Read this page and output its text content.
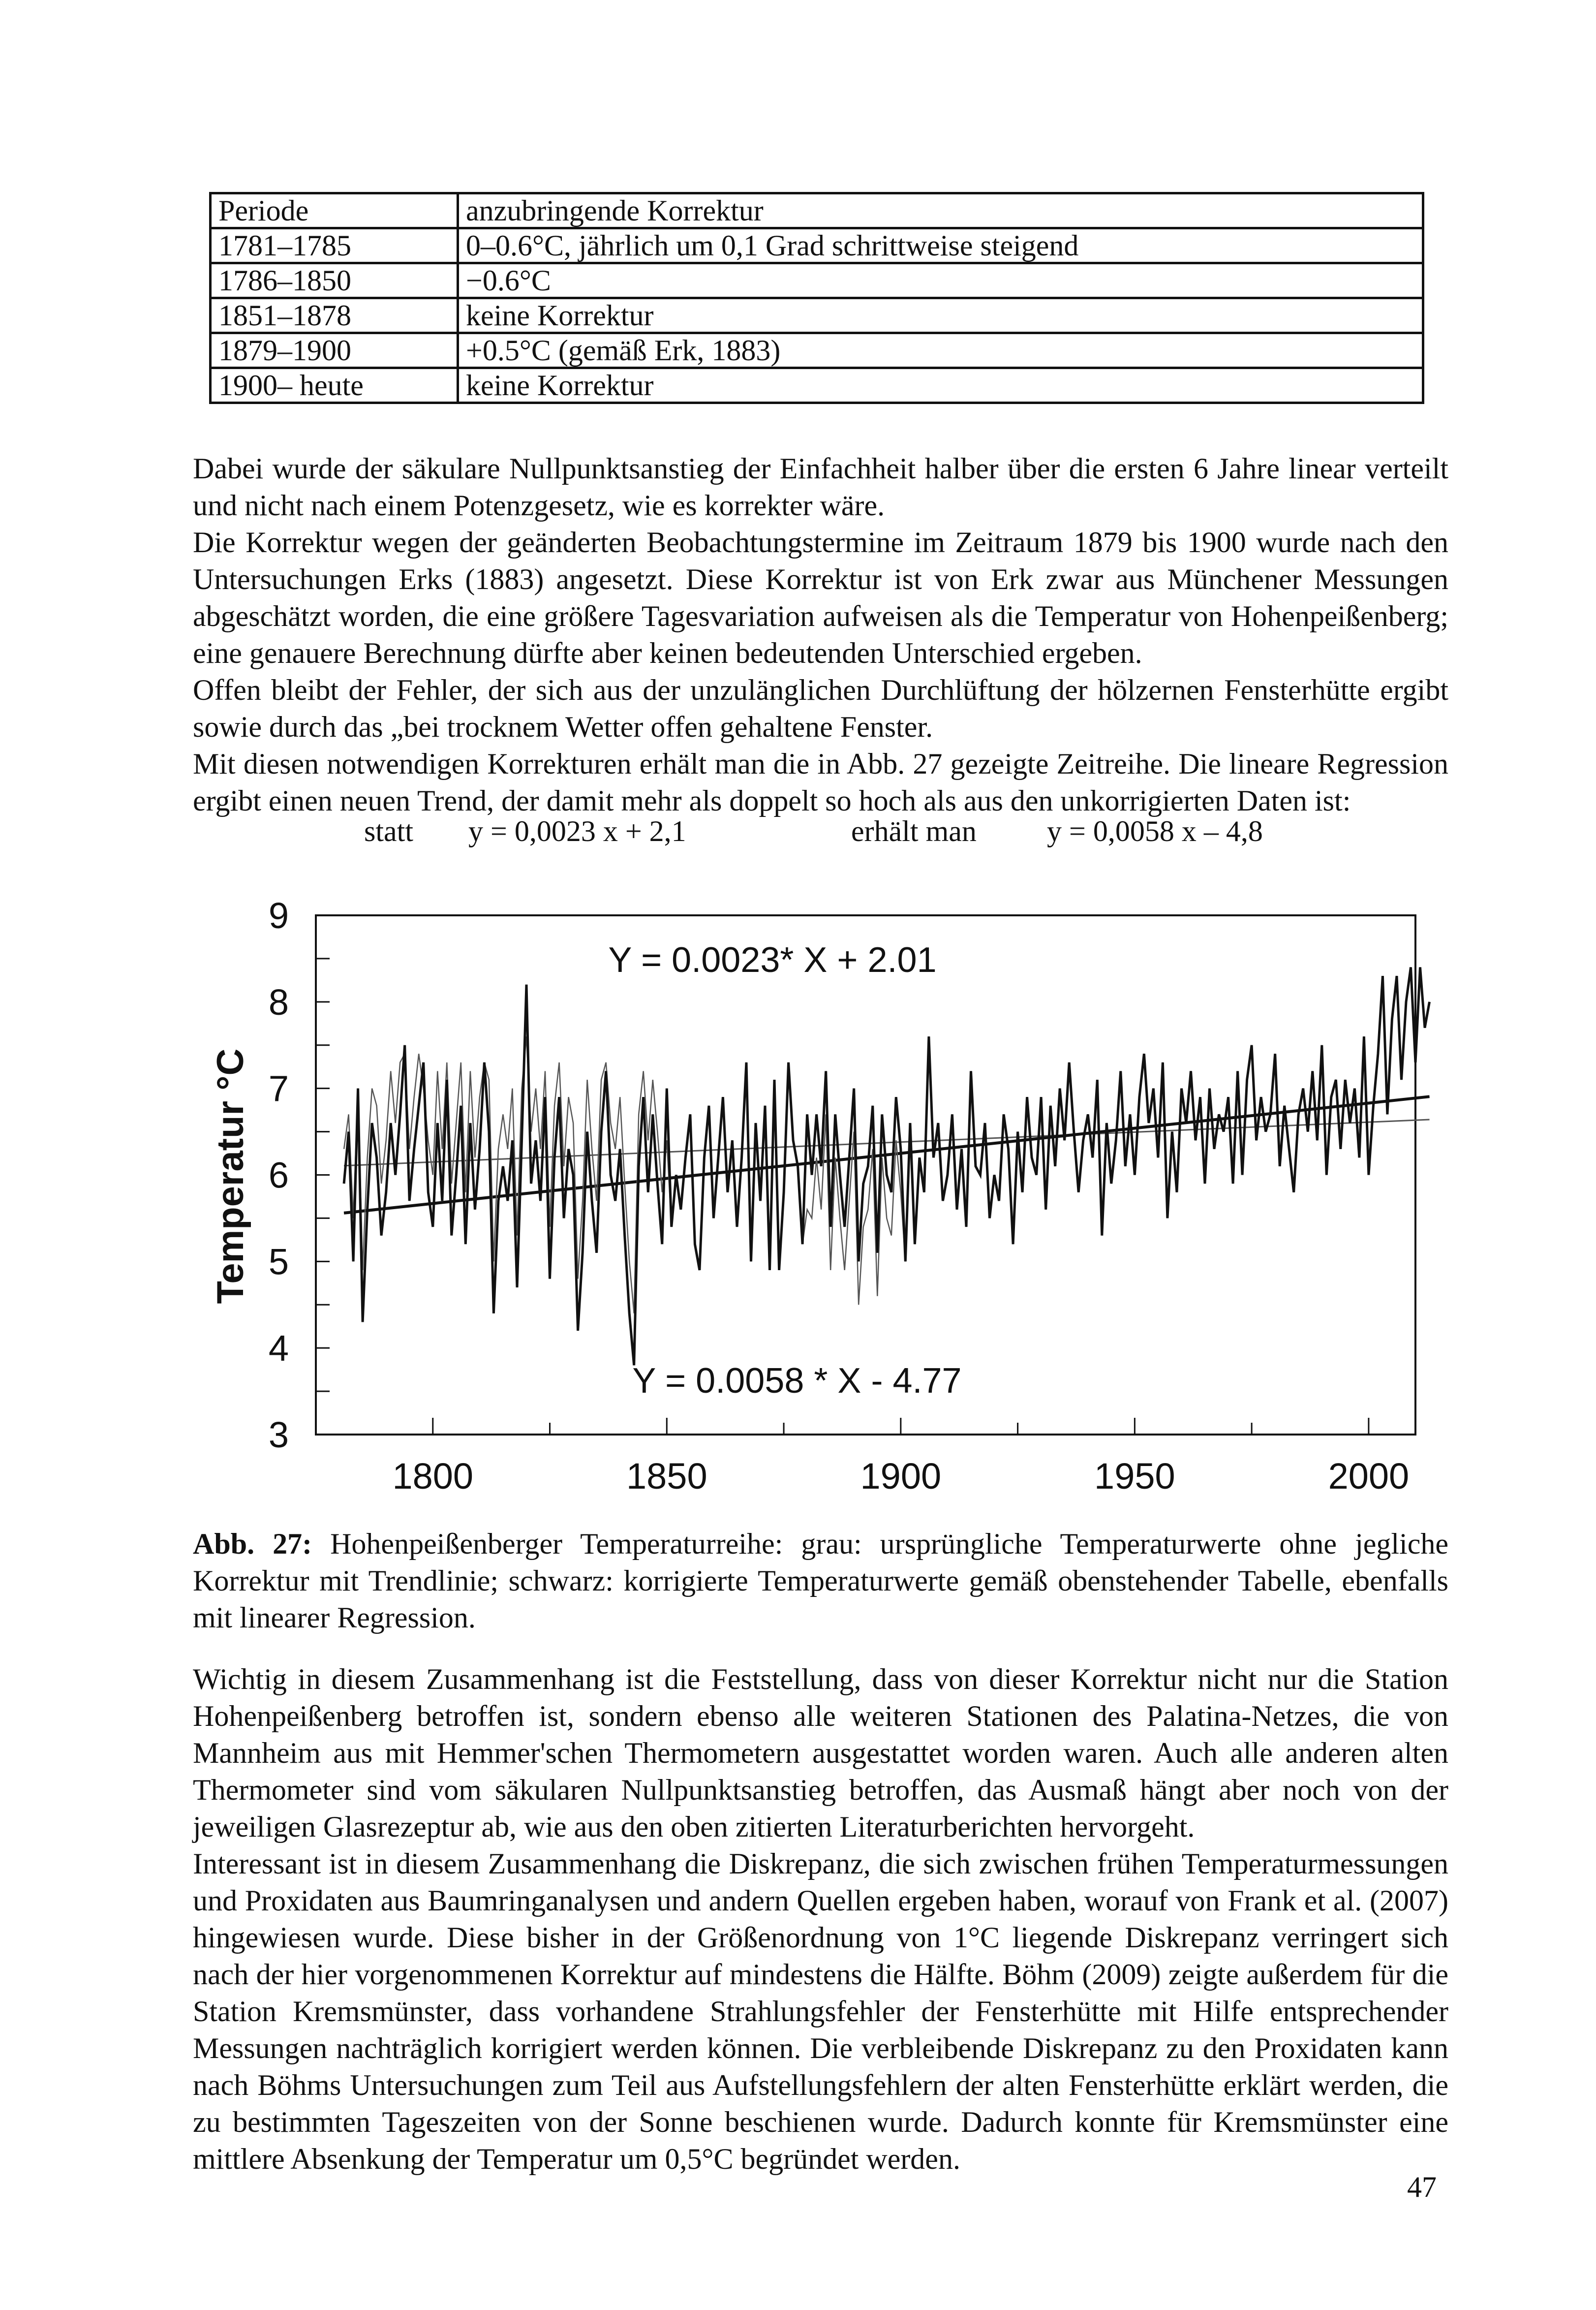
Periode	anzubringende Korrektur
1781–1785	0–0.6°C, jährlich um 0,1 Grad schrittweise steigend
1786–1850	−0.6°C
1851–1878	keine Korrektur
1879–1900	+0.5°C (gemäß Erk, 1883)
1900– heute	keine Korrektur

Dabei wurde der säkulare Nullpunktsanstieg der Einfachheit halber über die ersten 6 Jahre linear verteilt und nicht nach einem Potenzgesetz, wie es korrekter wäre.

Die Korrektur wegen der geänderten Beobachtungstermine im Zeitraum 1879 bis 1900 wurde nach den Untersuchungen Erks (1883) angesetzt. Diese Korrektur ist von Erk zwar aus Münchener Messungen abgeschätzt worden, die eine größere Tagesvariation aufweisen als die Temperatur von Hohenpeißenberg; eine genauere Berechnung dürfte aber keinen bedeutenden Unterschied ergeben.

Offen bleibt der Fehler, der sich aus der unzulänglichen Durchlüftung der hölzernen Fensterhütte ergibt sowie durch das „bei trocknem Wetter offen gehaltene Fenster.

Mit diesen notwendigen Korrekturen erhält man die in Abb. 27 gezeigte Zeitreihe. Die lineare Regression ergibt einen neuen Trend, der damit mehr als doppelt so hoch als aus den unkorrigierten Daten ist:

statt y = 0,0023 x + 2,1	erhält man y = 0,0058 x – 4,8
3
4
5
6
7
8
9
1800	1850	1900	1950	2000
Temperatur °C
Y = 0.0023* X + 2.01
Y = 0.0058 * X - 4.77
Abb. 27: Hohenpeißenberger Temperaturreihe: grau: ursprüngliche Temperaturwerte ohne jegliche Korrektur mit Trendlinie; schwarz: korrigierte Temperaturwerte gemäß obenstehender Tabelle, ebenfalls mit linearer Regression.

Wichtig in diesem Zusammenhang ist die Feststellung, dass von dieser Korrektur nicht nur die Station Hohenpeißenberg betroffen ist, sondern ebenso alle weiteren Stationen des Palatina-Netzes, die von Mannheim aus mit Hemmer'schen Thermometern ausgestattet worden waren. Auch alle anderen alten Thermometer sind vom säkularen Nullpunktsanstieg betroffen, das Ausmaß hängt aber noch von der jeweiligen Glasrezeptur ab, wie aus den oben zitierten Literaturberichten hervorgeht.

Interessant ist in diesem Zusammenhang die Diskrepanz, die sich zwischen frühen Temperaturmessungen und Proxidaten aus Baumringanalysen und andern Quellen ergeben haben, worauf von Frank et al. (2007) hingewiesen wurde. Diese bisher in der Größenordnung von 1°C liegende Diskrepanz verringert sich nach der hier vorgenommenen Korrektur auf mindestens die Hälfte. Böhm (2009) zeigte außerdem für die Station Kremsmünster, dass vorhandene Strahlungsfehler der Fensterhütte mit Hilfe entsprechender Messungen nachträglich korrigiert werden können. Die verbleibende Diskrepanz zu den Proxidaten kann nach Böhms Untersuchungen zum Teil aus Aufstellungsfehlern der alten Fensterhütte erklärt werden, die zu bestimmten Tageszeiten von der Sonne beschienen wurde. Dadurch konnte für Kremsmünster eine mittlere Absenkung der Temperatur um 0,5°C begründet werden.

47
